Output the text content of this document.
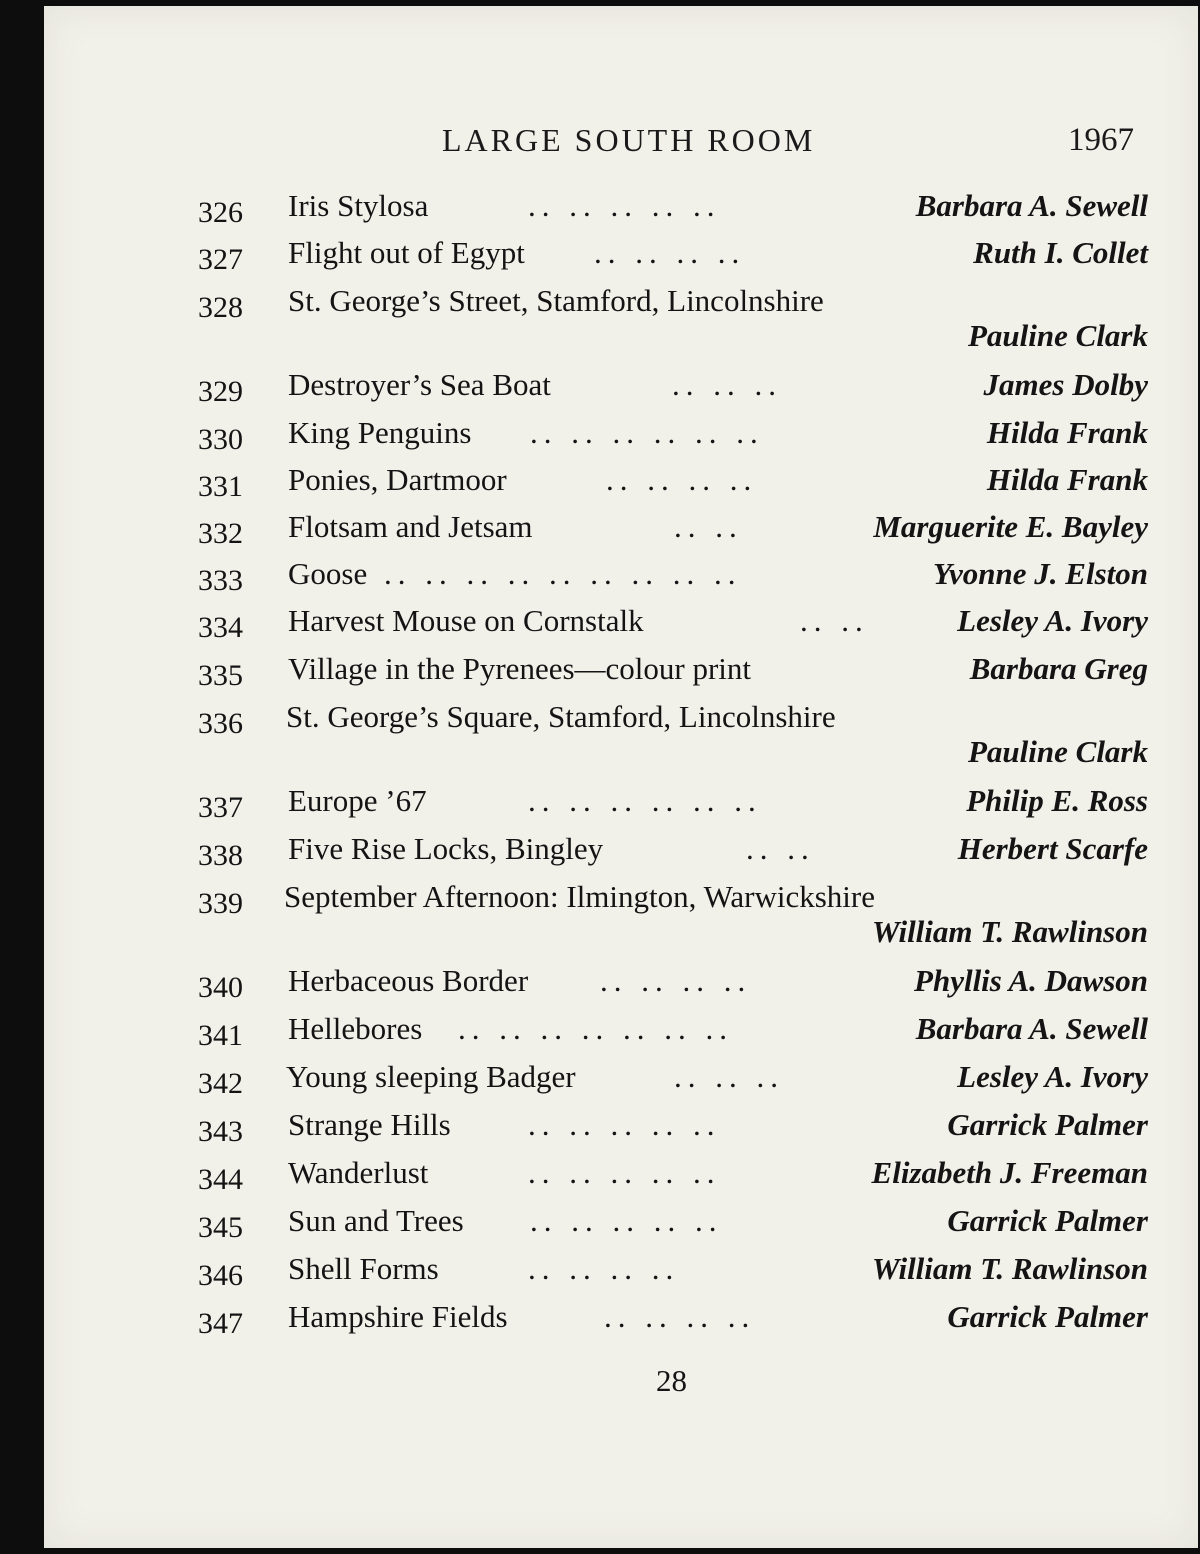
LARGE SOUTH ROOM	1967
326 Iris Stylosa	.. .. .. .. ..	Barbara A. Sewell
327 Flight out of Egypt .. .. .. ..	Ruth I. Collet
328 St. George’s Street, Stamford, Lincolnshire
Pauline Clark
329 Destroyer’s Sea Boat	.. .. ..	James Dolby
330 King Penguins .. .. .. .. .. ..	Hilda Frank
331 Ponies, Dartmoor	.. .. .. ..	Hilda Frank
332 Flotsam and Jetsam	.. ..	Marguerite E. Bayley
333 Goose .. .. .. .. .. .. .. .. ..	Yvonne J. Elston
334 Harvest Mouse on Cornstalk	.. ..	Lesley A. Ivory
335 Village in the Pyrenees—colour print	Barbara Greg
336 St. George’s Square, Stamford, Lincolnshire
Pauline Clark
337 Europe ’67	.. .. .. .. .. ..	Philip E. Ross
338 Five Rise Locks, Bingley	.. ..	Herbert Scarfe
339 September Afternoon: Ilmington, Warwickshire
William T. Rawlinson
340 Herbaceous Border .. .. .. ..	Phyllis A. Dawson
341 Hellebores .. .. .. .. .. .. ..	Barbara A. Sewell
342 Young sleeping Badger	.. .. ..	Lesley A. Ivory
343 Strange Hills .. .. .. .. ..	Garrick Palmer
344 Wanderlust	.. .. .. .. ..	Elizabeth J. Freeman
345 Sun and Trees .. .. .. .. ..	Garrick Palmer
346 Shell Forms	.. .. .. ..	William T. Rawlinson
347 Hampshire Fields	.. .. .. ..	Garrick Palmer
28
